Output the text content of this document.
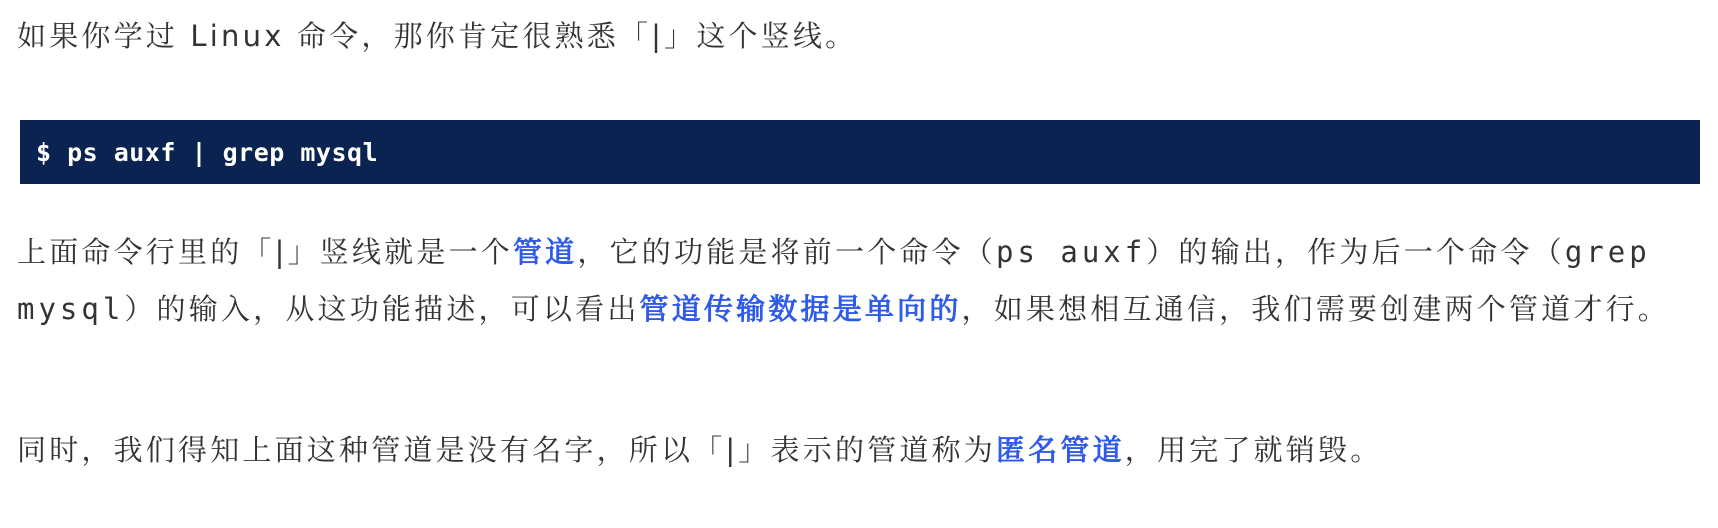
如果你学过 Linux 命令，那你肯定很熟悉「|」这个竖线。

$ ps auxf | grep mysql

上面命令行里的「|」竖线就是一个管道，它的功能是将前一个命令（ps auxf）的输出，作为后一个命令（grep mysql）的输入，从这功能描述，可以看出管道传输数据是单向的，如果想相互通信，我们需要创建两个管道才行。

同时，我们得知上面这种管道是没有名字，所以「|」表示的管道称为匿名管道，用完了就销毁。
